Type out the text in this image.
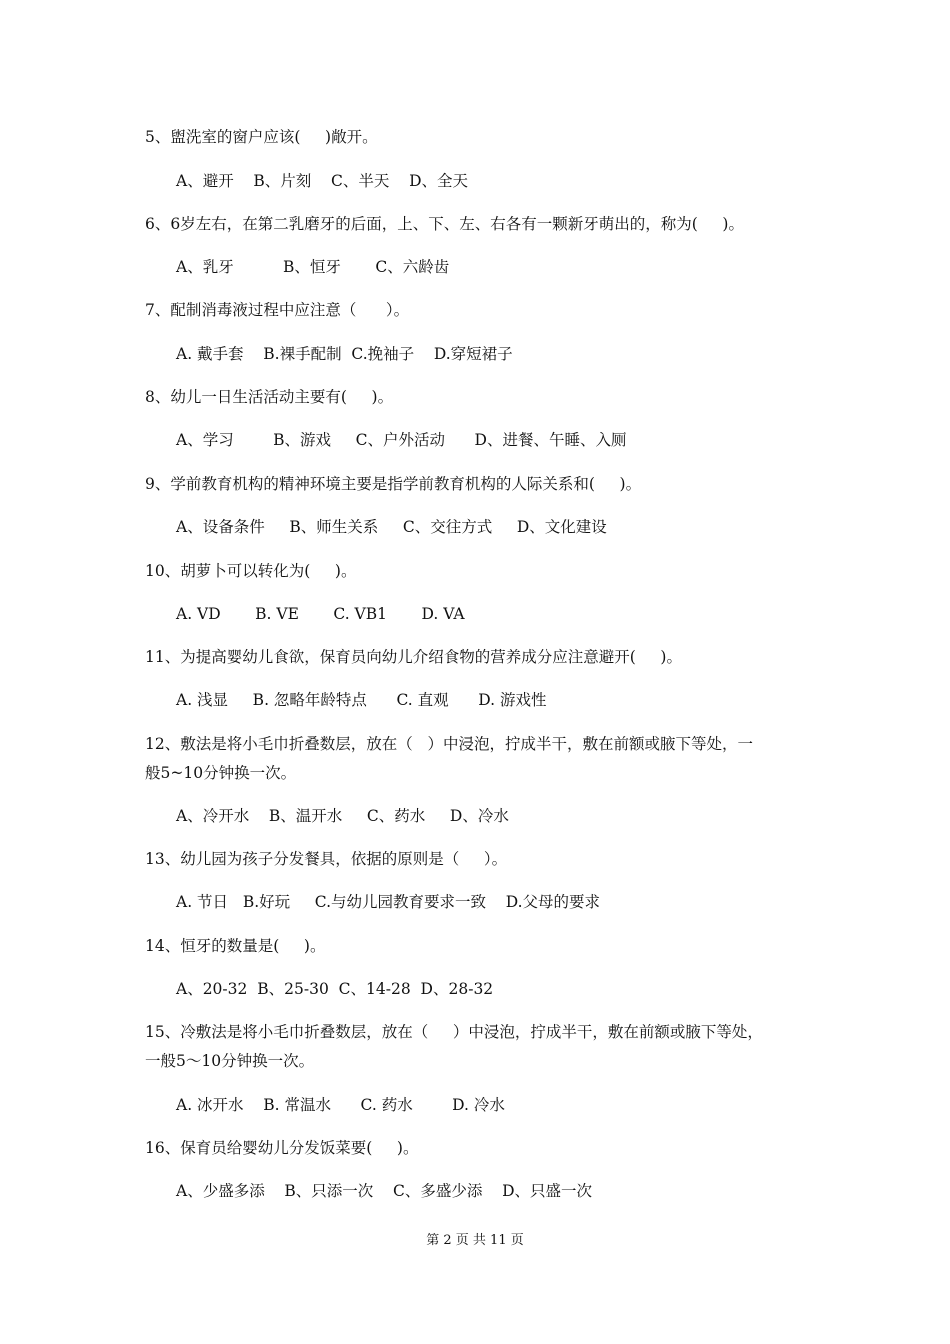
5、盥洗室的窗户应该(     )敞开。
A、避开    B、片刻    C、半天    D、全天
6、6岁左右，在第二乳磨牙的后面，上、下、左、右各有一颗新牙萌出的，称为(     )。
A、乳牙          B、恒牙       C、六龄齿
7、配制消毒液过程中应注意（      ）。
A. 戴手套    B.裸手配制  C.挽袖子    D.穿短裙子
8、幼儿一日生活活动主要有(     )。
A、学习        B、游戏     C、户外活动      D、进餐、午睡、入厕
9、学前教育机构的精神环境主要是指学前教育机构的人际关系和(     )。
A、设备条件     B、师生关系     C、交往方式     D、文化建设
10、胡萝卜可以转化为(     )。
A. VD       B. VE       C. VB1       D. VA
11、为提高婴幼儿食欲，保育员向幼儿介绍食物的营养成分应注意避开(     )。
A. 浅显     B. 忽略年龄特点      C. 直观      D. 游戏性
12、敷法是将小毛巾折叠数层，放在（   ）中浸泡，拧成半干，敷在前额或腋下等处，一
般5~10分钟换一次。
A、冷开水    B、温开水     C、药水     D、冷水
13、幼儿园为孩子分发餐具，依据的原则是（     ）。
A. 节日   B.好玩     C.与幼儿园教育要求一致    D.父母的要求
14、恒牙的数量是(     )。
A、20-32  B、25-30  C、14-28  D、28-32
15、冷敷法是将小毛巾折叠数层，放在（     ）中浸泡，拧成半干，敷在前额或腋下等处，
一般5～10分钟换一次。
A. 冰开水    B. 常温水      C. 药水        D. 冷水
16、保育员给婴幼儿分发饭菜要(     )。
A、少盛多添    B、只添一次    C、多盛少添    D、只盛一次
第 2 页 共 11 页
